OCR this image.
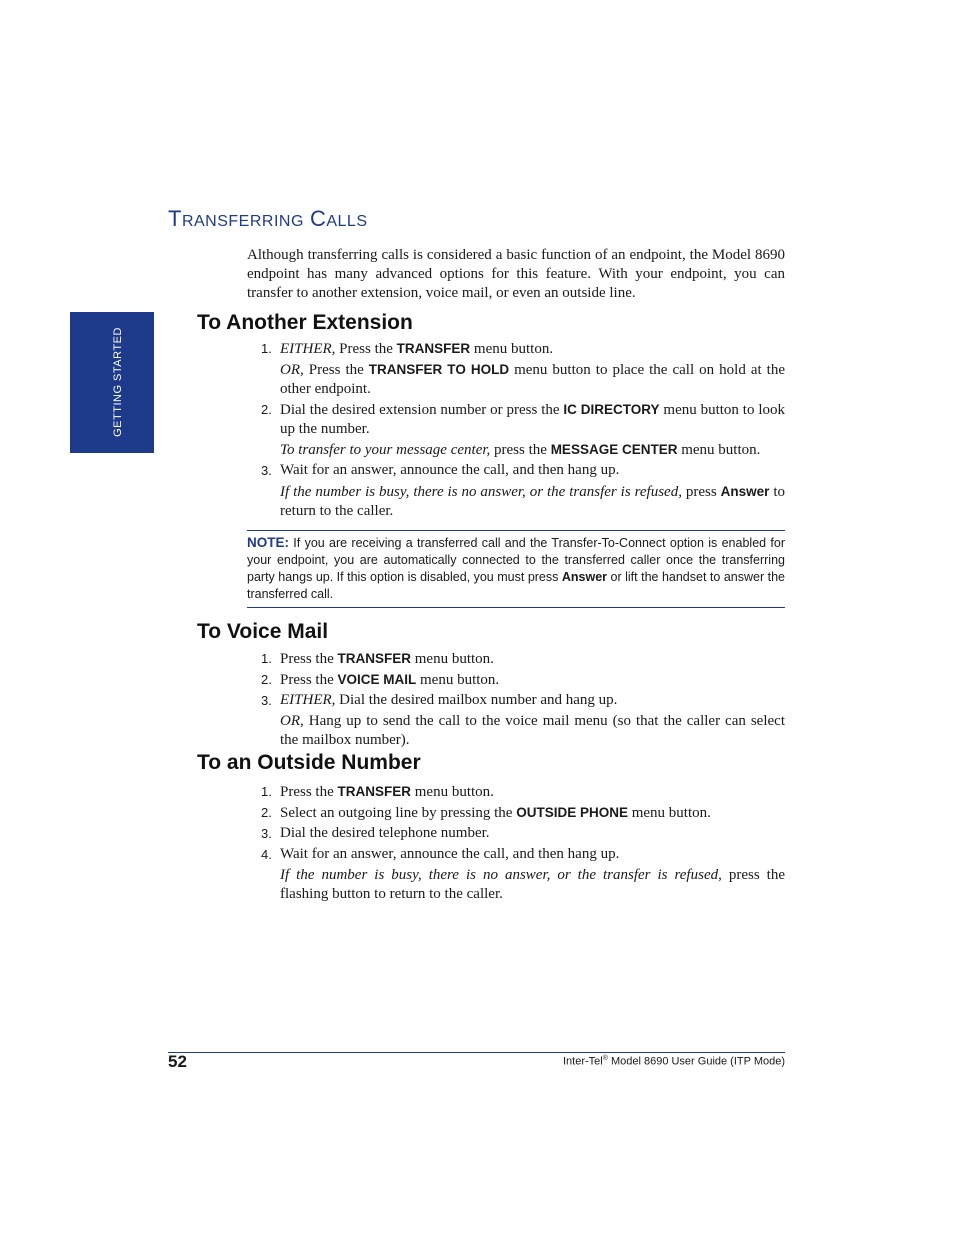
GETTING STARTED
TRANSFERRING CALLS
Although transferring calls is considered a basic function of an endpoint, the Model 8690 endpoint has many advanced options for this feature. With your endpoint, you can transfer to another extension, voice mail, or even an outside line.
To Another Extension
1. EITHER, Press the TRANSFER menu button.
OR, Press the TRANSFER TO HOLD menu button to place the call on hold at the other endpoint.
2. Dial the desired extension number or press the IC DIRECTORY menu button to look up the number.
To transfer to your message center, press the MESSAGE CENTER menu button.
3. Wait for an answer, announce the call, and then hang up.
If the number is busy, there is no answer, or the transfer is refused, press Answer to return to the caller.
NOTE: If you are receiving a transferred call and the Transfer-To-Connect option is enabled for your endpoint, you are automatically connected to the transferred caller once the transferring party hangs up. If this option is disabled, you must press Answer or lift the handset to answer the transferred call.
To Voice Mail
1. Press the TRANSFER menu button.
2. Press the VOICE MAIL menu button.
3. EITHER, Dial the desired mailbox number and hang up.
OR, Hang up to send the call to the voice mail menu (so that the caller can select the mailbox number).
To an Outside Number
1. Press the TRANSFER menu button.
2. Select an outgoing line by pressing the OUTSIDE PHONE menu button.
3. Dial the desired telephone number.
4. Wait for an answer, announce the call, and then hang up.
If the number is busy, there is no answer, or the transfer is refused, press the flashing button to return to the caller.
52	Inter-Tel® Model 8690 User Guide (ITP Mode)
